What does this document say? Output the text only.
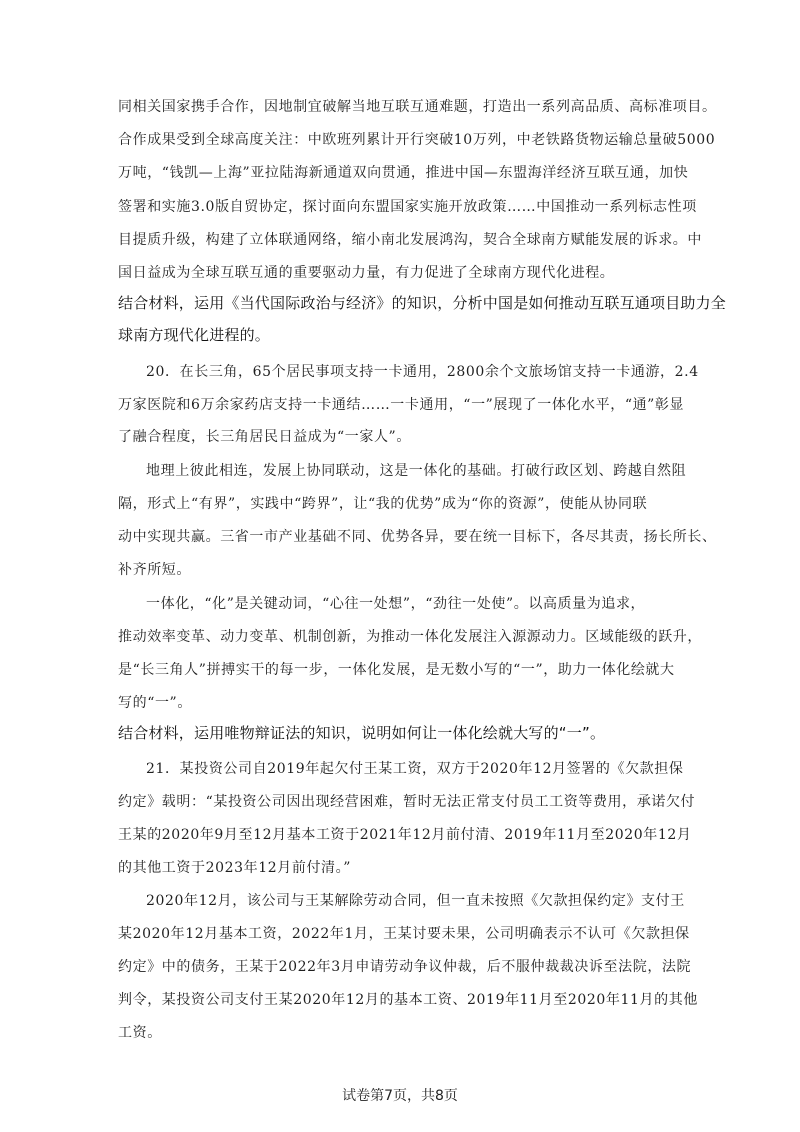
同相关国家携手合作，因地制宜破解当地互联互通难题，打造出一系列高品质、高标准项目。
合作成果受到全球高度关注：中欧班列累计开行突破10万列，中老铁路货物运输总量破5000
万吨，“钱凯—上海”亚拉陆海新通道双向贯通，推进中国—东盟海洋经济互联互通，加快
签署和实施3.0版自贸协定，探讨面向东盟国家实施开放政策……中国推动一系列标志性项
目提质升级，构建了立体联通网络，缩小南北发展鸿沟，契合全球南方赋能发展的诉求。中
国日益成为全球互联互通的重要驱动力量，有力促进了全球南方现代化进程。
结合材料，运用《当代国际政治与经济》的知识，分析中国是如何推动互联互通项目助力全
球南方现代化进程的。
20．在长三角，65个居民事项支持一卡通用，2800余个文旅场馆支持一卡通游，2.4
万家医院和6万余家药店支持一卡通结……一卡通用，“一”展现了一体化水平，“通”彰显
了融合程度，长三角居民日益成为“一家人”。
地理上彼此相连，发展上协同联动，这是一体化的基础。打破行政区划、跨越自然阻
隔，形式上“有界”，实践中“跨界”，让“我的优势”成为“你的资源”，使能从协同联
动中实现共赢。三省一市产业基础不同、优势各异，要在统一目标下，各尽其责，扬长所长、
补齐所短。
一体化，“化”是关键动词，“心往一处想”，“劲往一处使”。以高质量为追求，
推动效率变革、动力变革、机制创新，为推动一体化发展注入源源动力。区域能级的跃升，
是“长三角人”拼搏实干的每一步，一体化发展，是无数小写的“一”，助力一体化绘就大
写的“一”。
结合材料，运用唯物辩证法的知识，说明如何让一体化绘就大写的“一”。
21．某投资公司自2019年起欠付王某工资，双方于2020年12月签署的《欠款担保
约定》载明：“某投资公司因出现经营困难，暂时无法正常支付员工工资等费用，承诺欠付
王某的2020年9月至12月基本工资于2021年12月前付清、2019年11月至2020年12月
的其他工资于2023年12月前付清。”
2020年12月，该公司与王某解除劳动合同，但一直未按照《欠款担保约定》支付王
某2020年12月基本工资，2022年1月，王某讨要未果，公司明确表示不认可《欠款担保
约定》中的债务，王某于2022年3月申请劳动争议仲裁，后不服仲裁裁决诉至法院，法院
判令，某投资公司支付王某2020年12月的基本工资、2019年11月至2020年11月的其他
工资。
试卷第7页，共8页
